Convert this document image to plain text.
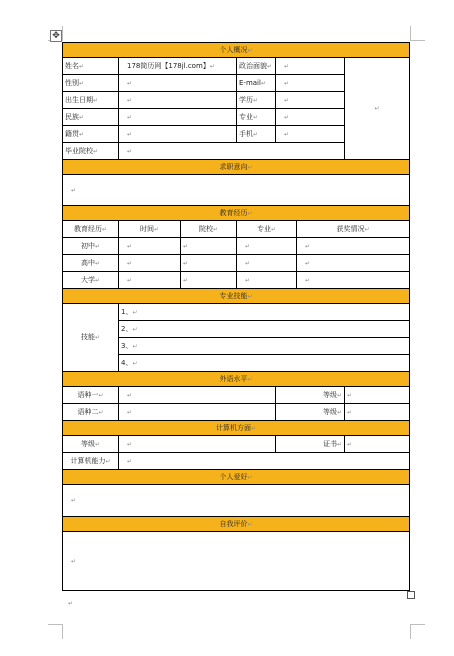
✥
个人概况↵						
姓名↵	178简历网【178jl.com】↵		政治面貌↵	↵		↵
性别↵	↵		E-mail↵	↵		
出生日期↵	↵		学历↵	↵		
民族↵	↵		专业↵	↵		
籍贯↵	↵		手机↵	↵		
毕业院校↵	↵					
求职意向↵						
↵						
教育经历↵						
教育经历↵	时间↵	院校↵	专业↵		获奖情况↵	
初中↵	↵	↵	↵		↵	
高中↵	↵	↵	↵		↵	
大学↵	↵	↵	↵		↵	
专业技能↵						
技能↵	1、↵					
	2、↵					
	3、↵					
	4、↵					
外语水平↵						
语种一↵	↵			等级↵		↵
语种二↵	↵			等级↵		↵
计算机方面↵						
等级↵	↵			证书↵		↵
计算机能力↵	↵					
个人爱好↵						
↵						
自我评价↵						
↵						
↵
